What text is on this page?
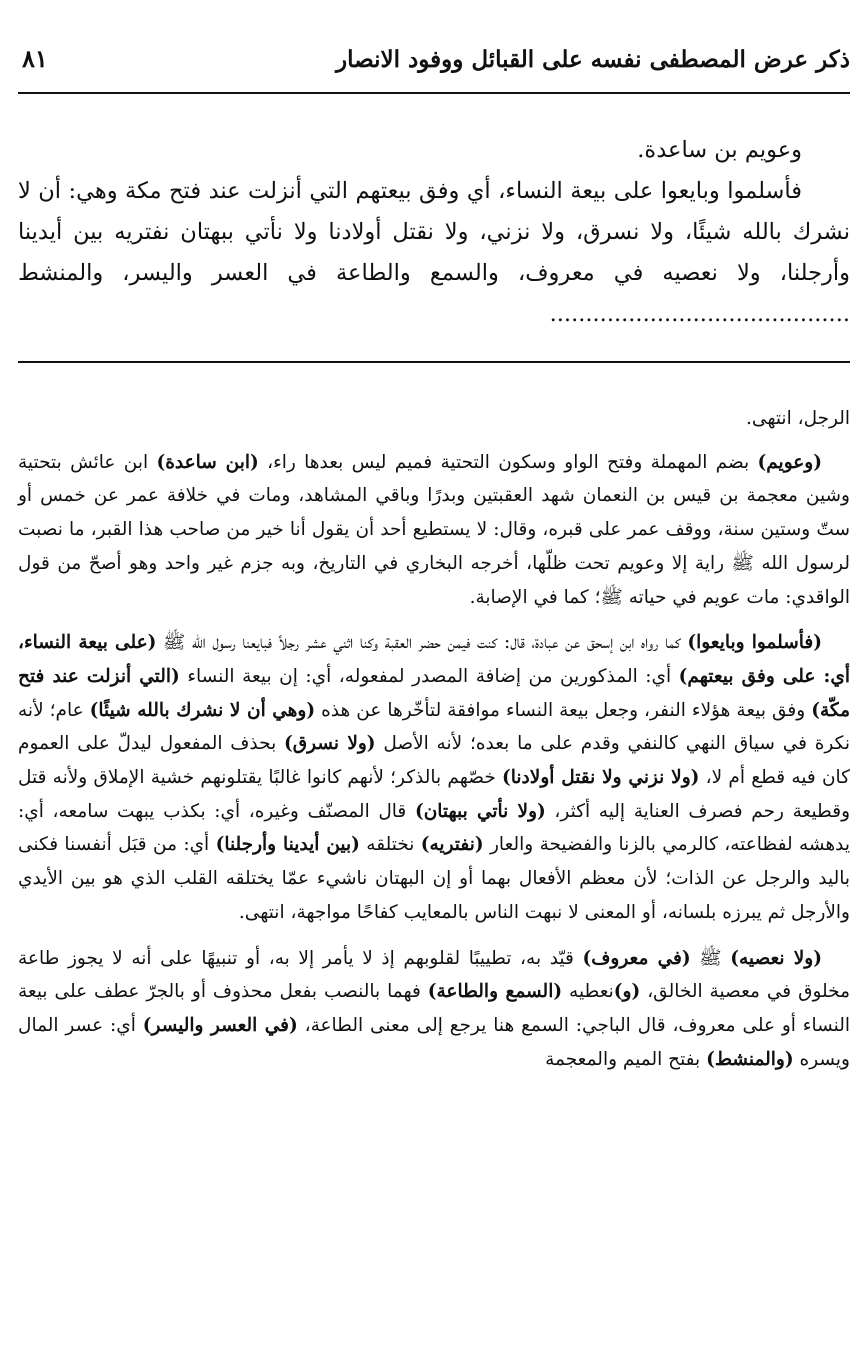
ذكر عرض المصطفى نفسه على القبائل ووفود الانصار
٨١

وعويم بن ساعدة.

فأسلموا وبايعوا على بيعة النساء، أي وفق بيعتهم التي أنزلت عند فتح مكة وهي: أن لا نشرك بالله شيئًا، ولا نسرق، ولا نزني، ولا نقتل أولادنا ولا نأتي ببهتان نفتريه بين أيدينا وأرجلنا، ولا نعصيه في معروف، والسمع والطاعة في العسر واليسر، والمنشط ..........................................

الرجل، انتهى.

(وعويم) بضم المهملة وفتح الواو وسكون التحتية فميم ليس بعدها راء، (ابن ساعدة) ابن عائش بتحتية وشين معجمة بن قيس بن النعمان شهد العقبتين وبدرًا وباقي المشاهد، ومات في خلافة عمر عن خمس أو ستّ وستين سنة، ووقف عمر على قبره، وقال: لا يستطيع أحد أن يقول أنا خير من صاحب هذا القبر، ما نصبت لرسول الله ﷺ راية إلا وعويم تحت ظلّها، أخرجه البخاري في التاريخ، وبه جزم غير واحد وهو أصحّ من قول الواقدي: مات عويم في حياته ﷺ؛ كما في الإصابة.

(فأسلموا وبايعوا) كما رواه ابن إسحق عن عبادة، قال: كنت فيمن حضر العقبة وكنا اثني عشر رجلاً فبايعنا رسول الله ﷺ (على بيعة النساء، أي: على وفق بيعتهم) أي: المذكورين من إضافة المصدر لمفعوله، أي: إن بيعة النساء (التي أنزلت عند فتح مكّة) وفق بيعة هؤلاء النفر، وجعل بيعة النساء موافقة لتأخّرها عن هذه (وهي أن لا نشرك بالله شيئًا) عام؛ لأنه نكرة في سياق النهي كالنفي وقدم على ما بعده؛ لأنه الأصل (ولا نسرق) بحذف المفعول ليدلّ على العموم كان فيه قطع أم لا، (ولا نزني ولا نقتل أولادنا) خصّهم بالذكر؛ لأنهم كانوا غالبًا يقتلونهم خشية الإملاق ولأنه قتل وقطيعة رحم فصرف العناية إليه أكثر، (ولا نأتي ببهتان) قال المصنّف وغيره، أي: بكذب يبهت سامعه، أي: يدهشه لفظاعته، كالرمي بالزنا والفضيحة والعار (نفتريه) نختلقه (بين أيدينا وأرجلنا) أي: من قبَل أنفسنا فكنى باليد والرجل عن الذات؛ لأن معظم الأفعال بهما أو إن البهتان ناشيء عمّا يختلقه القلب الذي هو بين الأيدي والأرجل ثم يبرزه بلسانه، أو المعنى لا نبهت الناس بالمعايب كفاحًا مواجهة، انتهى.

(ولا نعصيه) ﷺ (في معروف) قيّد به، تطييبًا لقلوبهم إذ لا يأمر إلا به، أو تنبيهًا على أنه لا يجوز طاعة مخلوق في معصية الخالق، (و)نعطيه (السمع والطاعة) فهما بالنصب بفعل محذوف أو بالجرّ عطف على بيعة النساء أو على معروف، قال الباجي: السمع هنا يرجع إلى معنى الطاعة، (في العسر واليسر) أي: عسر المال ويسره (والمنشط) بفتح الميم والمعجمة
